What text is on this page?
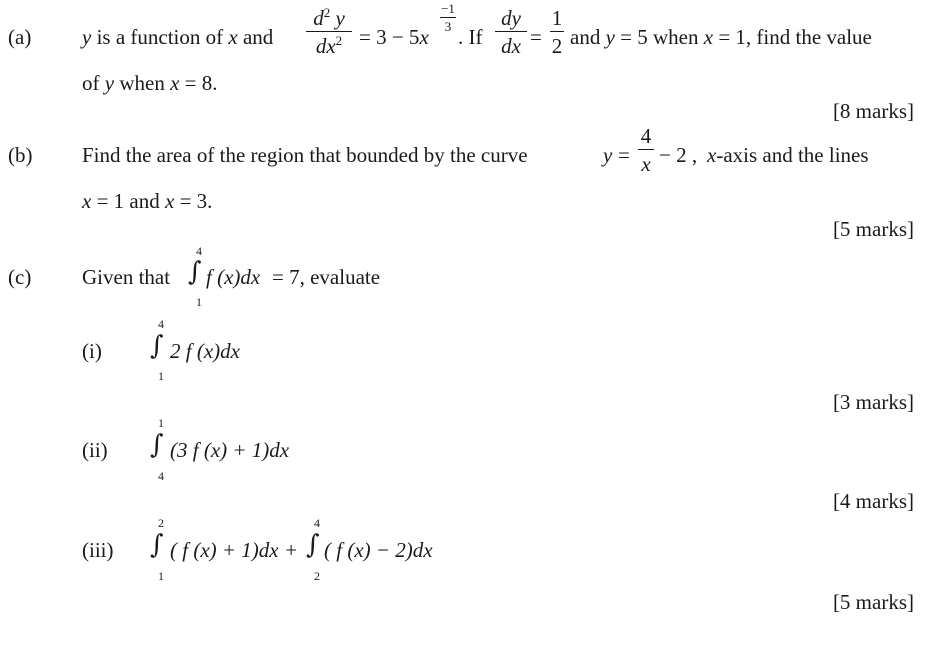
(a) y is a function of x and
$d^2$ y
$dx^2 = 3 - 5x$
−1
3 . If
dy
dx =
1
2 and y = 5 when x = 1, find the value
of y when x = 8.
[8 marks]
(b) Find the area of the region that bounded by the curve	y =
4
x − 2 , x-axis and the lines
x = 1 and x = 3.
[5 marks]
(c) Given that
4
∫
1
f (x)dx = 7, evaluate
(i)
4
∫
1
2 f (x)dx
[3 marks]
(ii)
1
∫
4
(3 f (x) + 1)dx
[4 marks]
(iii)
2
∫
1
( f (x) + 1)dx +
4
∫
2
( f (x) − 2)dx
[5 marks]
